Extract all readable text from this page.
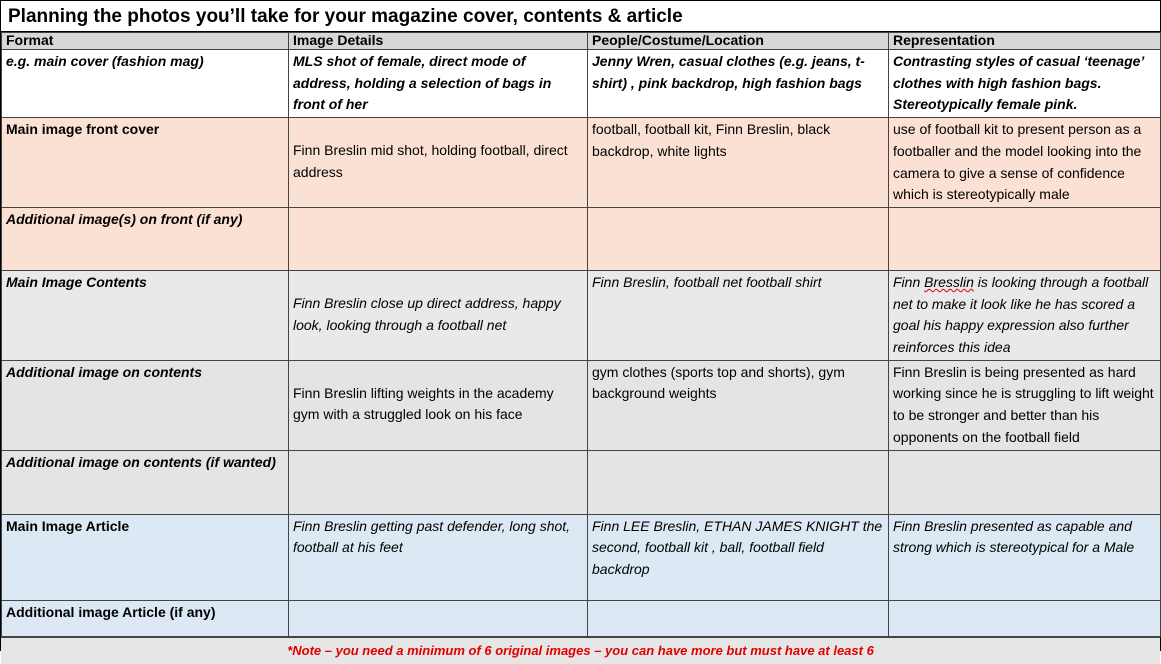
Planning the photos you’ll take for your magazine cover, contents & article
Format	Image Details	People/Costume/Location	Representation
e.g. main cover (fashion mag)	MLS shot of female, direct mode of address, holding a selection of bags in front of her	Jenny Wren, casual clothes (e.g. jeans, t-shirt) , pink backdrop, high fashion bags	Contrasting styles of casual ‘teenage’ clothes with high fashion bags. Stereotypically female pink.
Main image front cover	Finn Breslin mid shot, holding football, direct address	football, football kit, Finn Breslin, black backdrop, white lights	use of football kit to present person as a footballer and the model looking into the camera to give a sense of confidence which is stereotypically male
Additional image(s) on front (if any)			
Main Image Contents	Finn Breslin close up direct address, happy look, looking through a football net	Finn Breslin, football net football shirt	Finn Bresslin is looking through a football net to make it look like he has scored a goal his happy expression also further reinforces this idea
Additional image on contents	Finn Breslin lifting weights in the academy gym with a struggled look on his face	gym clothes (sports top and shorts), gym background weights	Finn Breslin is being presented as hard working since he is struggling to lift weight to be stronger and better than his opponents on the football field
Additional image on contents (if wanted)			
Main Image Article	Finn Breslin getting past defender, long shot, football at his feet	Finn LEE Breslin, ETHAN JAMES KNIGHT the second, football kit , ball, football field backdrop	Finn Breslin presented as capable and strong which is stereotypical for a Male
Additional image Article (if any)			
*Note – you need a minimum of 6 original images – you can have more but must have at least 6
